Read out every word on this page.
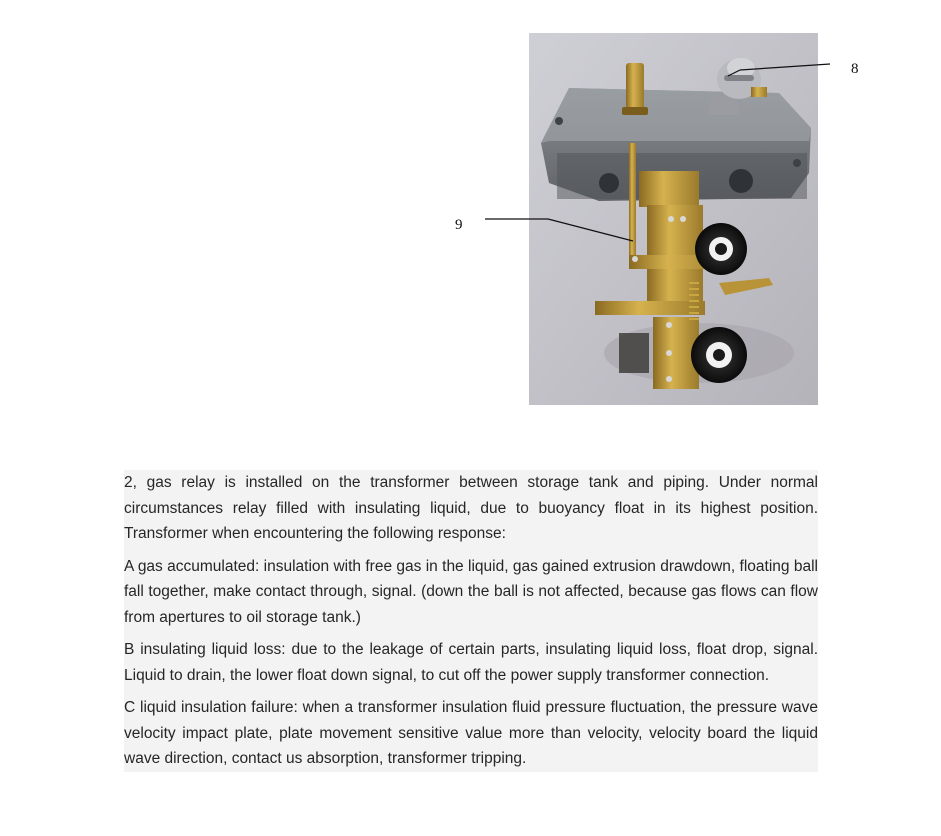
8
9

2, gas relay is installed on the transformer between storage tank and piping. Under normal circumstances relay filled with insulating liquid, due to buoyancy float in its highest position. Transformer when encountering the following response:

A gas accumulated: insulation with free gas in the liquid, gas gained extrusion drawdown, floating ball fall together, make contact through, signal. (down the ball is not affected, because gas flows can flow from apertures to oil storage tank.)

B insulating liquid loss: due to the leakage of certain parts, insulating liquid loss, float drop, signal. Liquid to drain, the lower float down signal, to cut off the power supply transformer connection.

C liquid insulation failure: when a transformer insulation fluid pressure fluctuation, the pressure wave velocity impact plate, plate movement sensitive value more than velocity, velocity board the liquid wave direction, contact us absorption, transformer tripping.
